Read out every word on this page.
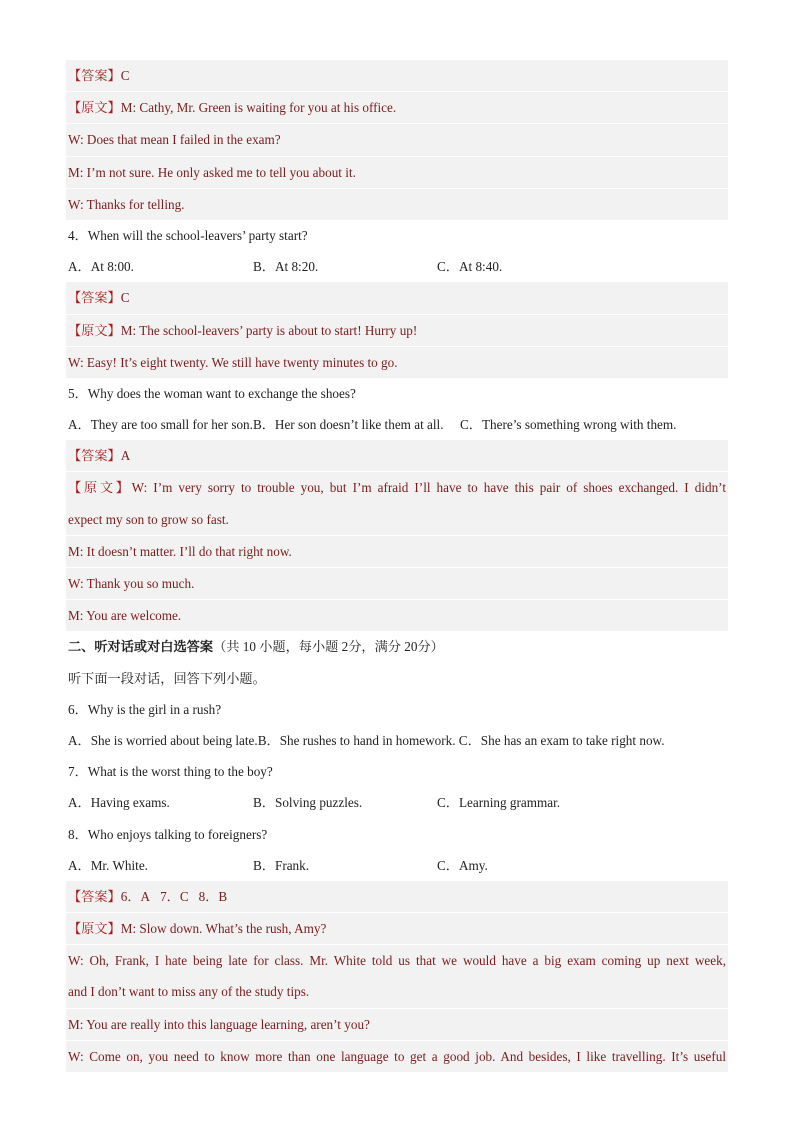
【答案】C
【原文】M: Cathy, Mr. Green is waiting for you at his office.
W: Does that mean I failed in the exam?
M: I’m not sure. He only asked me to tell you about it.
W: Thanks for telling.
4．When will the school-leavers’ party start?
A．At 8:00.	B．At 8:20.	C．At 8:40.
【答案】C
【原文】M: The school-leavers’ party is about to start! Hurry up!
W: Easy! It’s eight twenty. We still have twenty minutes to go.
5．Why does the woman want to exchange the shoes?
A．They are too small for her son.B．Her son doesn’t like them at all.　 C．There’s something wrong with them.
【答案】A
【原文】W: I’m very sorry to trouble you, but I’m afraid I’ll have to have this pair of shoes exchanged. I didn’t
expect my son to grow so fast.
M: It doesn’t matter. I’ll do that right now.
W: Thank you so much.
M: You are welcome.
二、听对话或对白选答案（共 10 小题，每小题 2分，满分 20分）
听下面一段对话，回答下列小题。
6．Why is the girl in a rush?
A．She is worried about being late.B．She rushes to hand in homework. C．She has an exam to take right now.
7．What is the worst thing to the boy?
A．Having exams.	B．Solving puzzles.	C．Learning grammar.
8．Who enjoys talking to foreigners?
A．Mr. White.	B．Frank.	C．Amy.
【答案】6．A 7．C 8．B
【原文】M: Slow down. What’s the rush, Amy?
W: Oh, Frank, I hate being late for class. Mr. White told us that we would have a big exam coming up next week,
and I don’t want to miss any of the study tips.
M: You are really into this language learning, aren’t you?
W: Come on, you need to know more than one language to get a good job. And besides, I like travelling. It’s useful
